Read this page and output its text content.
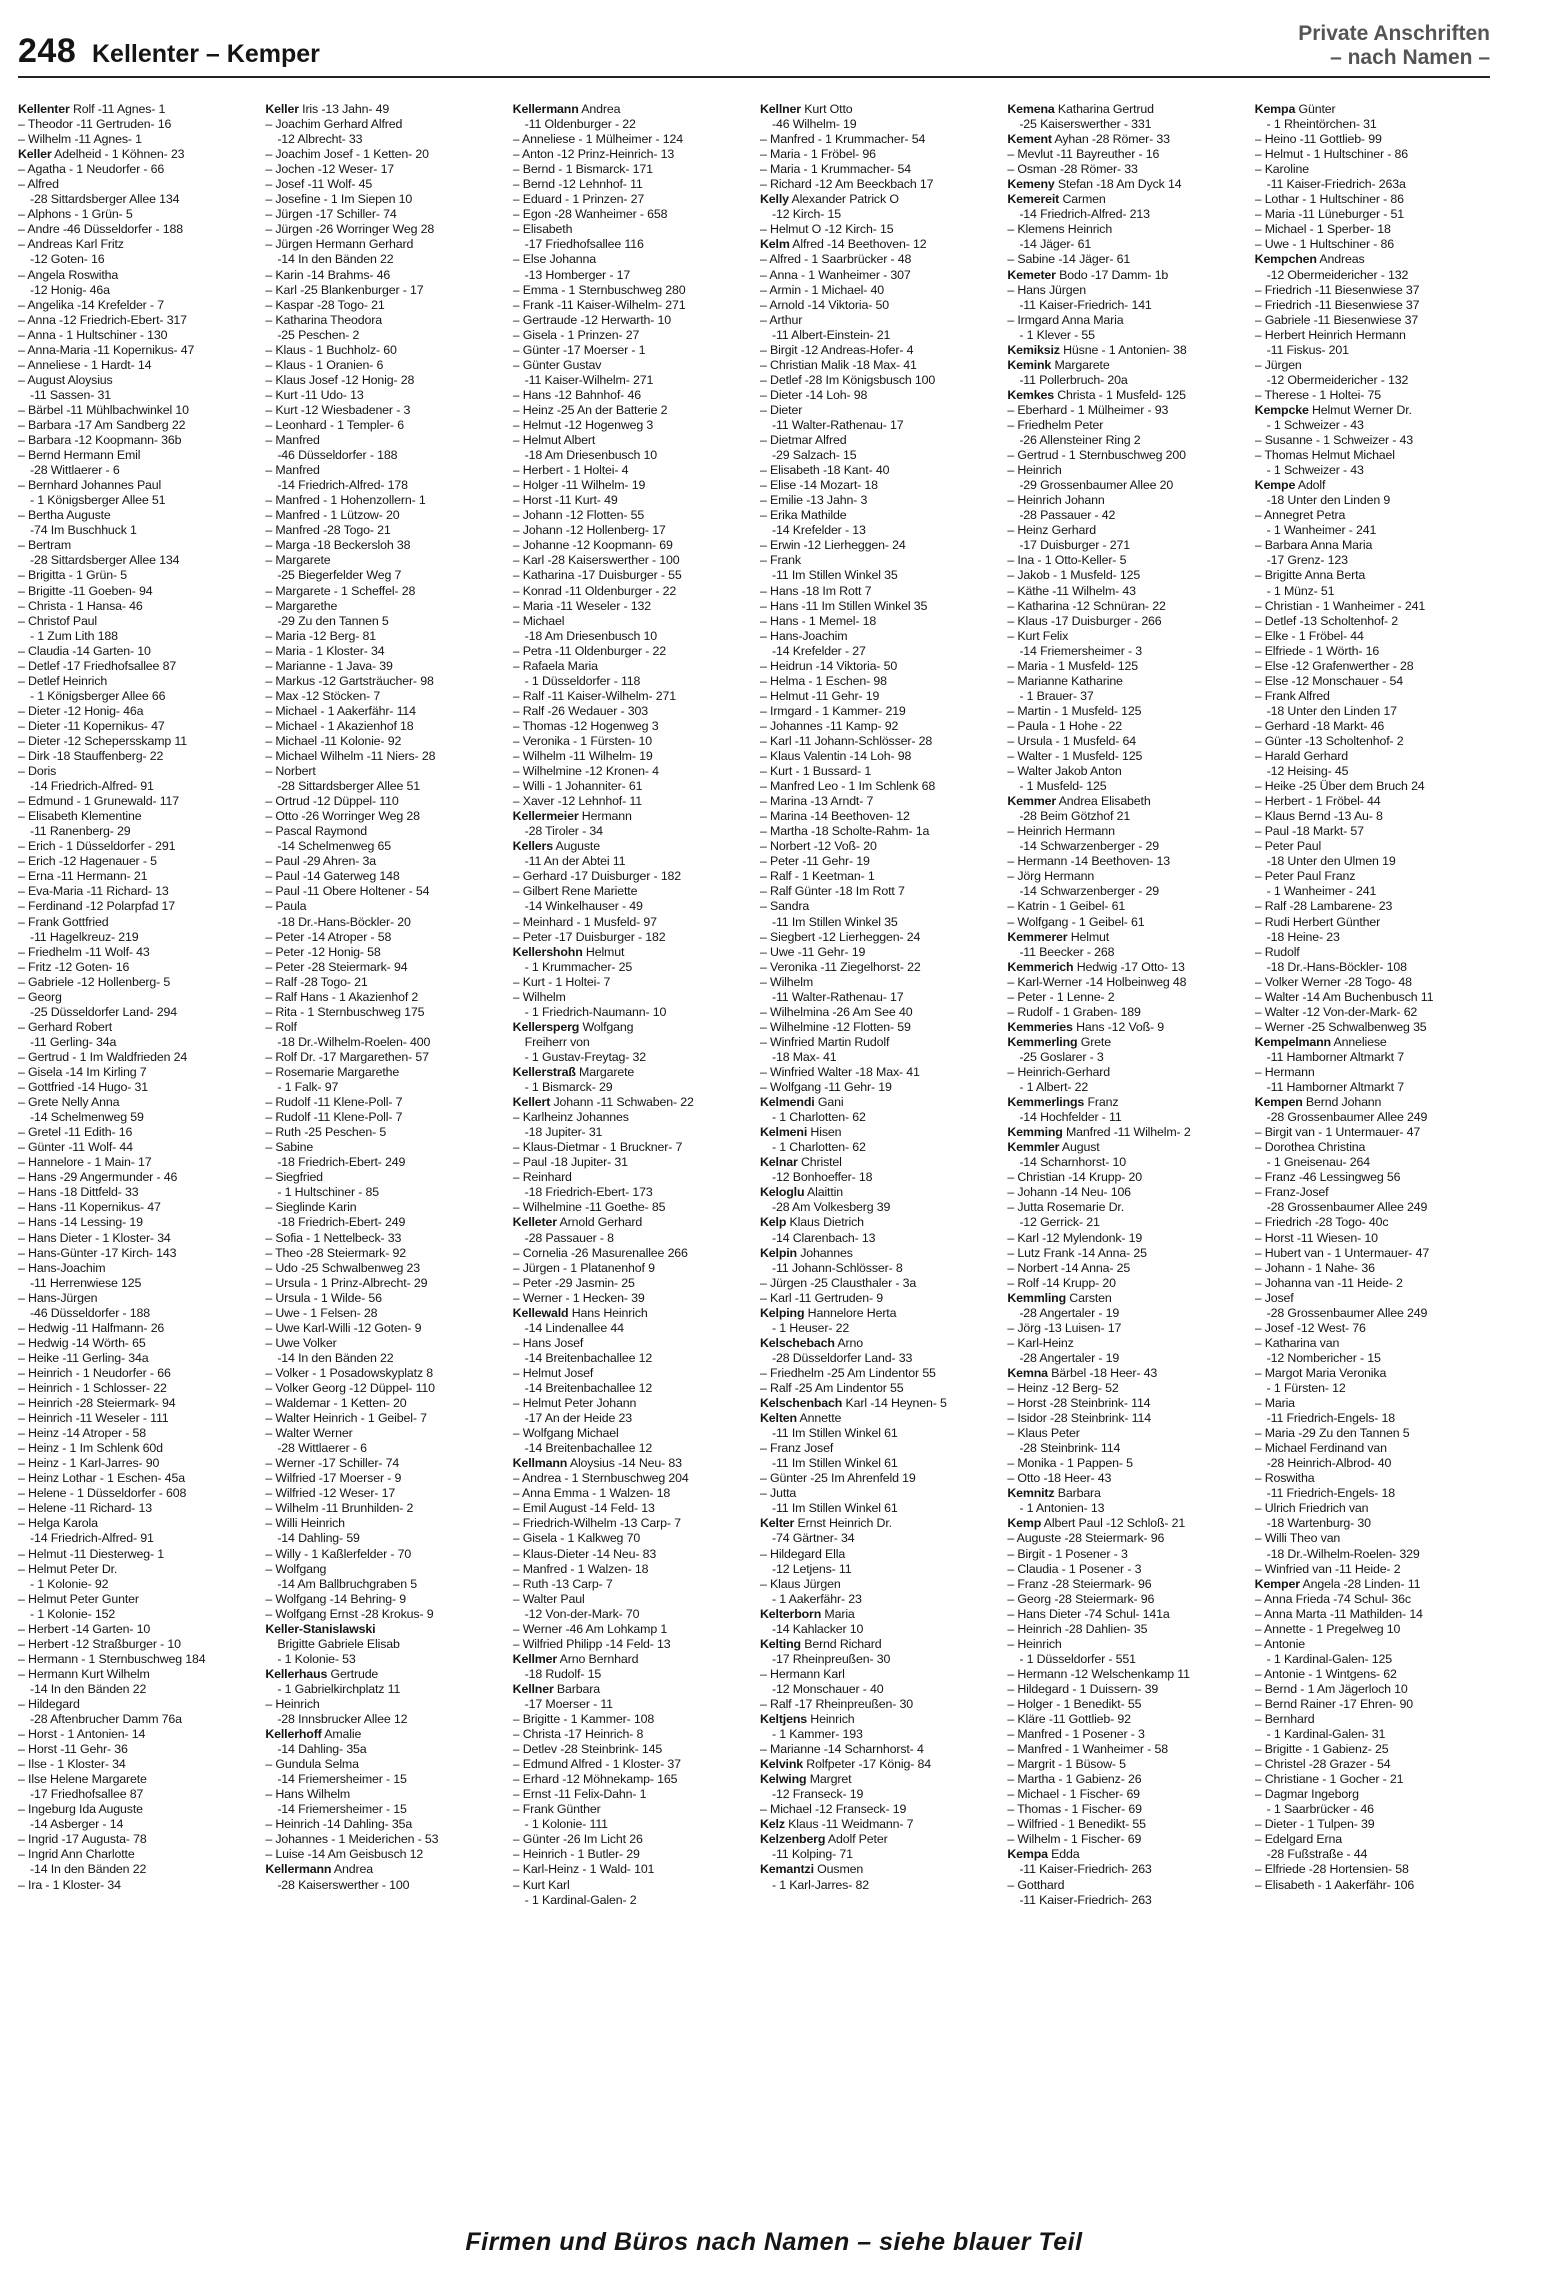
248 Kellenter – Kemper
Private Anschriften
– nach Namen –
Kellenter Rolf -11 Agnes- 1
– Theodor -11 Gertruden- 16
– Wilhelm -11 Agnes- 1
Keller Adelheid - 1 Köhnen- 23
– Agatha - 1 Neudorfer - 66
– Alfred
-28 Sittardsberger Allee 134
– Alphons - 1 Grün- 5
– Andre -46 Düsseldorfer - 188
– Andreas Karl Fritz
-12 Goten- 16
– Angela Roswitha
-12 Honig- 46a
– Angelika -14 Krefelder - 7
– Anna -12 Friedrich-Ebert- 317
– Anna - 1 Hultschiner - 130
– Anna-Maria -11 Kopernikus- 47
– Anneliese - 1 Hardt- 14
– August Aloysius
-11 Sassen- 31
– Bärbel -11 Mühlbachwinkel 10
– Barbara -17 Am Sandberg 22
– Barbara -12 Koopmann- 36b
– Bernd Hermann Emil
-28 Wittlaerer - 6
– Bernhard Johannes Paul
- 1 Königsberger Allee 51
– Bertha Auguste
-74 Im Buschhuck 1
– Bertram
-28 Sittardsberger Allee 134
– Brigitta - 1 Grün- 5
– Brigitte -11 Goeben- 94
– Christa - 1 Hansa- 46
– Christof Paul
- 1 Zum Lith 188
– Claudia -14 Garten- 10
– Detlef -17 Friedhofsallee 87
– Detlef Heinrich
- 1 Königsberger Allee 66
– Dieter -12 Honig- 46a
– Dieter -11 Kopernikus- 47
– Dieter -12 Schepersskamp 11
– Dirk -18 Stauffenberg- 22
– Doris
-14 Friedrich-Alfred- 91
– Edmund - 1 Grunewald- 117
– Elisabeth Klementine
-11 Ranenberg- 29
– Erich - 1 Düsseldorfer - 291
– Erich -12 Hagenauer - 5
– Erna -11 Hermann- 21
– Eva-Maria -11 Richard- 13
– Ferdinand -12 Polarpfad 17
– Frank Gottfried
-11 Hagelkreuz- 219
– Friedhelm -11 Wolf- 43
– Fritz -12 Goten- 16
– Gabriele -12 Hollenberg- 5
– Georg
-25 Düsseldorfer Land- 294
– Gerhard Robert
-11 Gerling- 34a
– Gertrud - 1 Im Waldfrieden 24
– Gisela -14 Im Kirling 7
– Gottfried -14 Hugo- 31
– Grete Nelly Anna
-14 Schelmenweg 59
– Gretel -11 Edith- 16
– Günter -11 Wolf- 44
– Hannelore - 1 Main- 17
– Hans -29 Angermunder - 46
– Hans -18 Dittfeld- 33
– Hans -11 Kopernikus- 47
– Hans -14 Lessing- 19
– Hans Dieter - 1 Kloster- 34
– Hans-Günter -17 Kirch- 143
– Hans-Joachim
-11 Herrenwiese 125
– Hans-Jürgen
-46 Düsseldorfer - 188
– Hedwig -11 Halfmann- 26
– Hedwig -14 Wörth- 65
– Heike -11 Gerling- 34a
– Heinrich - 1 Neudorfer - 66
– Heinrich - 1 Schlosser- 22
– Heinrich -28 Steiermark- 94
– Heinrich -11 Weseler - 111
– Heinz -14 Atroper - 58
– Heinz - 1 Im Schlenk 60d
– Heinz - 1 Karl-Jarres- 90
– Heinz Lothar - 1 Eschen- 45a
– Helene - 1 Düsseldorfer - 608
– Helene -11 Richard- 13
– Helga Karola
-14 Friedrich-Alfred- 91
– Helmut -11 Diesterweg- 1
– Helmut Peter Dr.
- 1 Kolonie- 92
– Helmut Peter Gunter
- 1 Kolonie- 152
– Herbert -14 Garten- 10
– Herbert -12 Straßburger - 10
– Hermann - 1 Sternbuschweg 184
– Hermann Kurt Wilhelm
-14 In den Bänden 22
– Hildegard
-28 Aftenbrucher Damm 76a
– Horst - 1 Antonien- 14
– Horst -11 Gehr- 36
– Ilse - 1 Kloster- 34
– Ilse Helene Margarete
-17 Friedhofsallee 87
– Ingeburg Ida Auguste
-14 Asberger - 14
– Ingrid -17 Augusta- 78
– Ingrid Ann Charlotte
-14 In den Bänden 22
– Ira - 1 Kloster- 34
Keller Iris -13 Jahn- 49
– Joachim Gerhard Alfred
-12 Albrecht- 33
– Joachim Josef - 1 Ketten- 20
– Jochen -12 Weser- 17
– Josef -11 Wolf- 45
– Josefine - 1 Im Siepen 10
– Jürgen -17 Schiller- 74
– Jürgen -26 Worringer Weg 28
– Jürgen Hermann Gerhard
-14 In den Bänden 22
– Karin -14 Brahms- 46
– Karl -25 Blankenburger - 17
– Kaspar -28 Togo- 21
– Katharina Theodora
-25 Peschen- 2
– Klaus - 1 Buchholz- 60
– Klaus - 1 Oranien- 6
– Klaus Josef -12 Honig- 28
– Kurt -11 Udo- 13
– Kurt -12 Wiesbadener - 3
– Leonhard - 1 Templer- 6
– Manfred
-46 Düsseldorfer - 188
– Manfred
-14 Friedrich-Alfred- 178
– Manfred - 1 Hohenzollern- 1
– Manfred - 1 Lützow- 20
– Manfred -28 Togo- 21
– Marga -18 Beckersloh 38
– Margarete
-25 Biegerfelder Weg 7
– Margarete - 1 Scheffel- 28
– Margarethe
-29 Zu den Tannen 5
– Maria -12 Berg- 81
– Maria - 1 Kloster- 34
– Marianne - 1 Java- 39
– Markus -12 Gartsträucher- 98
– Max -12 Stöcken- 7
– Michael - 1 Aakerfähr- 114
– Michael - 1 Akazienhof 18
– Michael -11 Kolonie- 92
– Michael Wilhelm -11 Niers- 28
– Norbert
-28 Sittardsberger Allee 51
– Ortrud -12 Düppel- 110
– Otto -26 Worringer Weg 28
– Pascal Raymond
-14 Schelmenweg 65
– Paul -29 Ahren- 3a
– Paul -14 Gaterweg 148
– Paul -11 Obere Holtener - 54
– Paula
-18 Dr.-Hans-Böckler- 20
– Peter -14 Atroper - 58
– Peter -12 Honig- 58
– Peter -28 Steiermark- 94
– Ralf -28 Togo- 21
– Ralf Hans - 1 Akazienhof 2
– Rita - 1 Sternbuschweg 175
– Rolf
-18 Dr.-Wilhelm-Roelen- 400
– Rolf Dr. -17 Margarethen- 57
– Rosemarie Margarethe
- 1 Falk- 97
– Rudolf -11 Klene-Poll- 7
– Rudolf -11 Klene-Poll- 7
– Ruth -25 Peschen- 5
– Sabine
-18 Friedrich-Ebert- 249
– Siegfried
- 1 Hultschiner - 85
– Sieglinde Karin
-18 Friedrich-Ebert- 249
– Sofia - 1 Nettelbeck- 33
– Theo -28 Steiermark- 92
– Udo -25 Schwalbenweg 23
– Ursula - 1 Prinz-Albrecht- 29
– Ursula - 1 Wilde- 56
– Uwe - 1 Felsen- 28
– Uwe Karl-Willi -12 Goten- 9
– Uwe Volker
-14 In den Bänden 22
– Volker - 1 Posadowskyplatz 8
– Volker Georg -12 Düppel- 110
– Waldemar - 1 Ketten- 20
– Walter Heinrich - 1 Geibel- 7
– Walter Werner
-28 Wittlaerer - 6
– Werner -17 Schiller- 74
– Wilfried -17 Moerser - 9
– Wilfried -12 Weser- 17
– Wilhelm -11 Brunhilden- 2
– Willi Heinrich
-14 Dahling- 59
– Willy - 1 Kaßlerfelder - 70
– Wolfgang
-14 Am Ballbruchgraben 5
– Wolfgang -14 Behring- 9
– Wolfgang Ernst -28 Krokus- 9
Keller-Stanislawski
Brigitte Gabriele Elisab
- 1 Kolonie- 53
Kellerhaus Gertrude
- 1 Gabrielkirchplatz 11
– Heinrich
-28 Innsbrucker Allee 12
Kellerhoff Amalie
-14 Dahling- 35a
– Gundula Selma
-14 Friemersheimer - 15
– Hans Wilhelm
-14 Friemersheimer - 15
– Heinrich -14 Dahling- 35a
– Johannes - 1 Meiderichen - 53
– Luise -14 Am Geisbusch 12
Kellermann Andrea
-28 Kaiserswerther - 100
Kellermann Andrea
-11 Oldenburger - 22
– Anneliese - 1 Mülheimer - 124
– Anton -12 Prinz-Heinrich- 13
– Bernd - 1 Bismarck- 171
– Bernd -12 Lehnhof- 11
– Eduard - 1 Prinzen- 27
– Egon -28 Wanheimer - 658
– Elisabeth
-17 Friedhofsallee 116
– Else Johanna
-13 Homberger - 17
– Emma - 1 Sternbuschweg 280
– Frank -11 Kaiser-Wilhelm- 271
– Gertraude -12 Herwarth- 10
– Gisela - 1 Prinzen- 27
– Günter -17 Moerser - 1
– Günter Gustav
-11 Kaiser-Wilhelm- 271
– Hans -12 Bahnhof- 46
– Heinz -25 An der Batterie 2
– Helmut -12 Hogenweg 3
– Helmut Albert
-18 Am Driesenbusch 10
– Herbert - 1 Holtei- 4
– Holger -11 Wilhelm- 19
– Horst -11 Kurt- 49
– Johann -12 Flotten- 55
– Johann -12 Hollenberg- 17
– Johanne -12 Koopmann- 69
– Karl -28 Kaiserswerther - 100
– Katharina -17 Duisburger - 55
– Konrad -11 Oldenburger - 22
– Maria -11 Weseler - 132
– Michael
-18 Am Driesenbusch 10
– Petra -11 Oldenburger - 22
– Rafaela Maria
- 1 Düsseldorfer - 118
– Ralf -11 Kaiser-Wilhelm- 271
– Ralf -26 Wedauer - 303
– Thomas -12 Hogenweg 3
– Veronika - 1 Fürsten- 10
– Wilhelm -11 Wilhelm- 19
– Wilhelmine -12 Kronen- 4
– Willi - 1 Johanniter- 61
– Xaver -12 Lehnhof- 11
Kellermeier Hermann
-28 Tiroler - 34
Kellers Auguste
-11 An der Abtei 11
– Gerhard -17 Duisburger - 182
– Gilbert Rene Mariette
-14 Winkelhauser - 49
– Meinhard - 1 Musfeld- 97
– Peter -17 Duisburger - 182
Kellershohn Helmut
- 1 Krummacher- 25
– Kurt - 1 Holtei- 7
– Wilhelm
- 1 Friedrich-Naumann- 10
Kellersperg Wolfgang
Freiherr von
- 1 Gustav-Freytag- 32
Kellerstraß Margarete
- 1 Bismarck- 29
Kellert Johann -11 Schwaben- 22
– Karlheinz Johannes
-18 Jupiter- 31
– Klaus-Dietmar - 1 Bruckner- 7
– Paul -18 Jupiter- 31
– Reinhard
-18 Friedrich-Ebert- 173
– Wilhelmine -11 Goethe- 85
Kelleter Arnold Gerhard
-28 Passauer - 8
– Cornelia -26 Masurenallee 266
– Jürgen - 1 Platanenhof 9
– Peter -29 Jasmin- 25
– Werner - 1 Hecken- 39
Kellewald Hans Heinrich
-14 Lindenallee 44
– Hans Josef
-14 Breitenbachallee 12
– Helmut Josef
-14 Breitenbachallee 12
– Helmut Peter Johann
-17 An der Heide 23
– Wolfgang Michael
-14 Breitenbachallee 12
Kellmann Aloysius -14 Neu- 83
– Andrea - 1 Sternbuschweg 204
– Anna Emma - 1 Walzen- 18
– Emil August -14 Feld- 13
– Friedrich-Wilhelm -13 Carp- 7
– Gisela - 1 Kalkweg 70
– Klaus-Dieter -14 Neu- 83
– Manfred - 1 Walzen- 18
– Ruth -13 Carp- 7
– Walter Paul
-12 Von-der-Mark- 70
– Werner -46 Am Lohkamp 1
– Wilfried Philipp -14 Feld- 13
Kellmer Arno Bernhard
-18 Rudolf- 15
Kellner Barbara
-17 Moerser - 11
– Brigitte - 1 Kammer- 108
– Christa -17 Heinrich- 8
– Detlev -28 Steinbrink- 145
– Edmund Alfred - 1 Kloster- 37
– Erhard -12 Möhnekamp- 165
– Ernst -11 Felix-Dahn- 1
– Frank Günther
- 1 Kolonie- 111
– Günter -26 Im Licht 26
– Heinrich - 1 Butler- 29
– Karl-Heinz - 1 Wald- 101
– Kurt Karl
- 1 Kardinal-Galen- 2
Kellner Kurt Otto
-46 Wilhelm- 19
– Manfred - 1 Krummacher- 54
– Maria - 1 Fröbel- 96
– Maria - 1 Krummacher- 54
– Richard -12 Am Beeckbach 17
Kelly Alexander Patrick O
-12 Kirch- 15
– Helmut O -12 Kirch- 15
Kelm Alfred -14 Beethoven- 12
– Alfred - 1 Saarbrücker - 48
– Anna - 1 Wanheimer - 307
– Armin - 1 Michael- 40
– Arnold -14 Viktoria- 50
– Arthur
-11 Albert-Einstein- 21
– Birgit -12 Andreas-Hofer- 4
– Christian Malik -18 Max- 41
– Detlef -28 Im Königsbusch 100
– Dieter -14 Loh- 98
– Dieter
-11 Walter-Rathenau- 17
– Dietmar Alfred
-29 Salzach- 15
– Elisabeth -18 Kant- 40
– Elise -14 Mozart- 18
– Emilie -13 Jahn- 3
– Erika Mathilde
-14 Krefelder - 13
– Erwin -12 Lierheggen- 24
– Frank
-11 Im Stillen Winkel 35
– Hans -18 Im Rott 7
– Hans -11 Im Stillen Winkel 35
– Hans - 1 Memel- 18
– Hans-Joachim
-14 Krefelder - 27
– Heidrun -14 Viktoria- 50
– Helma - 1 Eschen- 98
– Helmut -11 Gehr- 19
– Irmgard - 1 Kammer- 219
– Johannes -11 Kamp- 92
– Karl -11 Johann-Schlösser- 28
– Klaus Valentin -14 Loh- 98
– Kurt - 1 Bussard- 1
– Manfred Leo - 1 Im Schlenk 68
– Marina -13 Arndt- 7
– Marina -14 Beethoven- 12
– Martha -18 Scholte-Rahm- 1a
– Norbert -12 Voß- 20
– Peter -11 Gehr- 19
– Ralf - 1 Keetman- 1
– Ralf Günter -18 Im Rott 7
– Sandra
-11 Im Stillen Winkel 35
– Siegbert -12 Lierheggen- 24
– Uwe -11 Gehr- 19
– Veronika -11 Ziegelhorst- 22
– Wilhelm
-11 Walter-Rathenau- 17
– Wilhelmina -26 Am See 40
– Wilhelmine -12 Flotten- 59
– Winfried Martin Rudolf
-18 Max- 41
– Winfried Walter -18 Max- 41
– Wolfgang -11 Gehr- 19
Kelmendi Gani
- 1 Charlotten- 62
Kelmeni Hisen
- 1 Charlotten- 62
Kelnar Christel
-12 Bonhoeffer- 18
Keloglu Alaittin
-28 Am Volkesberg 39
Kelp Klaus Dietrich
-14 Clarenbach- 13
Kelpin Johannes
-11 Johann-Schlösser- 8
– Jürgen -25 Clausthaler - 3a
– Karl -11 Gertruden- 9
Kelping Hannelore Herta
- 1 Heuser- 22
Kelschebach Arno
-28 Düsseldorfer Land- 33
– Friedhelm -25 Am Lindentor 55
– Ralf -25 Am Lindentor 55
Kelschenbach Karl -14 Heynen- 5
Kelten Annette
-11 Im Stillen Winkel 61
– Franz Josef
-11 Im Stillen Winkel 61
– Günter -25 Im Ahrenfeld 19
– Jutta
-11 Im Stillen Winkel 61
Kelter Ernst Heinrich Dr.
-74 Gärtner- 34
– Hildegard Ella
-12 Letjens- 11
– Klaus Jürgen
- 1 Aakerfähr- 23
Kelterborn Maria
-14 Kahlacker 10
Kelting Bernd Richard
-17 Rheinpreußen- 30
– Hermann Karl
-12 Monschauer - 40
– Ralf -17 Rheinpreußen- 30
Keltjens Heinrich
- 1 Kammer- 193
– Marianne -14 Scharnhorst- 4
Kelvink Rolfpeter -17 König- 84
Kelwing Margret
-12 Franseck- 19
– Michael -12 Franseck- 19
Kelz Klaus -11 Weidmann- 7
Kelzenberg Adolf Peter
-11 Kolping- 71
Kemantzi Ousmen
- 1 Karl-Jarres- 82
Kemena Katharina Gertrud
-25 Kaiserswerther - 331
Kement Ayhan -28 Römer- 33
– Mevlut -11 Bayreuther - 16
– Osman -28 Römer- 33
Kemeny Stefan -18 Am Dyck 14
Kemereit Carmen
-14 Friedrich-Alfred- 213
– Klemens Heinrich
-14 Jäger- 61
– Sabine -14 Jäger- 61
Kemeter Bodo -17 Damm- 1b
– Hans Jürgen
-11 Kaiser-Friedrich- 141
– Irmgard Anna Maria
- 1 Klever - 55
Kemiksiz Hüsne - 1 Antonien- 38
Kemink Margarete
-11 Pollerbruch- 20a
Kemkes Christa - 1 Musfeld- 125
– Eberhard - 1 Mülheimer - 93
– Friedhelm Peter
-26 Allensteiner Ring 2
– Gertrud - 1 Sternbuschweg 200
– Heinrich
-29 Grossenbaumer Allee 20
– Heinrich Johann
-28 Passauer - 42
– Heinz Gerhard
-17 Duisburger - 271
– Ina - 1 Otto-Keller- 5
– Jakob - 1 Musfeld- 125
– Käthe -11 Wilhelm- 43
– Katharina -12 Schnüran- 22
– Klaus -17 Duisburger - 266
– Kurt Felix
-14 Friemersheimer - 3
– Maria - 1 Musfeld- 125
– Marianne Katharine
- 1 Brauer- 37
– Martin - 1 Musfeld- 125
– Paula - 1 Hohe - 22
– Ursula - 1 Musfeld- 64
– Walter - 1 Musfeld- 125
– Walter Jakob Anton
- 1 Musfeld- 125
Kemmer Andrea Elisabeth
-28 Beim Götzhof 21
– Heinrich Hermann
-14 Schwarzenberger - 29
– Hermann -14 Beethoven- 13
– Jörg Hermann
-14 Schwarzenberger - 29
– Katrin - 1 Geibel- 61
– Wolfgang - 1 Geibel- 61
Kemmerer Helmut
-11 Beecker - 268
Kemmerich Hedwig -17 Otto- 13
– Karl-Werner -14 Holbeinweg 48
– Peter - 1 Lenne- 2
– Rudolf - 1 Graben- 189
Kemmeries Hans -12 Voß- 9
Kemmerling Grete
-25 Goslarer - 3
– Heinrich-Gerhard
- 1 Albert- 22
Kemmerlings Franz
-14 Hochfelder - 11
Kemming Manfred -11 Wilhelm- 2
Kemmler August
-14 Scharnhorst- 10
– Christian -14 Krupp- 20
– Johann -14 Neu- 106
– Jutta Rosemarie Dr.
-12 Gerrick- 21
– Karl -12 Mylendonk- 19
– Lutz Frank -14 Anna- 25
– Norbert -14 Anna- 25
– Rolf -14 Krupp- 20
Kemmling Carsten
-28 Angertaler - 19
– Jörg -13 Luisen- 17
– Karl-Heinz
-28 Angertaler - 19
Kemna Bärbel -18 Heer- 43
– Heinz -12 Berg- 52
– Horst -28 Steinbrink- 114
– Isidor -28 Steinbrink- 114
– Klaus Peter
-28 Steinbrink- 114
– Monika - 1 Pappen- 5
– Otto -18 Heer- 43
Kemnitz Barbara
- 1 Antonien- 13
Kemp Albert Paul -12 Schloß- 21
– Auguste -28 Steiermark- 96
– Birgit - 1 Posener - 3
– Claudia - 1 Posener - 3
– Franz -28 Steiermark- 96
– Georg -28 Steiermark- 96
– Hans Dieter -74 Schul- 141a
– Heinrich -28 Dahlien- 35
– Heinrich
- 1 Düsseldorfer - 551
– Hermann -12 Welschenkamp 11
– Hildegard - 1 Duissern- 39
– Holger - 1 Benedikt- 55
– Kläre -11 Gottlieb- 92
– Manfred - 1 Posener - 3
– Manfred - 1 Wanheimer - 58
– Margrit - 1 Büsow- 5
– Martha - 1 Gabienz- 26
– Michael - 1 Fischer- 69
– Thomas - 1 Fischer- 69
– Wilfried - 1 Benedikt- 55
– Wilhelm - 1 Fischer- 69
Kempa Edda
-11 Kaiser-Friedrich- 263
– Gotthard
-11 Kaiser-Friedrich- 263
Kempa Günter
- 1 Rheintörchen- 31
– Heino -11 Gottlieb- 99
– Helmut - 1 Hultschiner - 86
– Karoline
-11 Kaiser-Friedrich- 263a
– Lothar - 1 Hultschiner - 86
– Maria -11 Lüneburger - 51
– Michael - 1 Sperber- 18
– Uwe - 1 Hultschiner - 86
Kempchen Andreas
-12 Obermeidericher - 132
– Friedrich -11 Biesenwiese 37
– Friedrich -11 Biesenwiese 37
– Gabriele -11 Biesenwiese 37
– Herbert Heinrich Hermann
-11 Fiskus- 201
– Jürgen
-12 Obermeidericher - 132
– Therese - 1 Holtei- 75
Kempcke Helmut Werner Dr.
- 1 Schweizer - 43
– Susanne - 1 Schweizer - 43
– Thomas Helmut Michael
- 1 Schweizer - 43
Kempe Adolf
-18 Unter den Linden 9
– Annegret Petra
- 1 Wanheimer - 241
– Barbara Anna Maria
-17 Grenz- 123
– Brigitte Anna Berta
- 1 Münz- 51
– Christian - 1 Wanheimer - 241
– Detlef -13 Scholtenhof- 2
– Elke - 1 Fröbel- 44
– Elfriede - 1 Wörth- 16
– Else -12 Grafenwerther - 28
– Else -12 Monschauer - 54
– Frank Alfred
-18 Unter den Linden 17
– Gerhard -18 Markt- 46
– Günter -13 Scholtenhof- 2
– Harald Gerhard
-12 Heising- 45
– Heike -25 Über dem Bruch 24
– Herbert - 1 Fröbel- 44
– Klaus Bernd -13 Au- 8
– Paul -18 Markt- 57
– Peter Paul
-18 Unter den Ulmen 19
– Peter Paul Franz
- 1 Wanheimer - 241
– Ralf -28 Lambarene- 23
– Rudi Herbert Günther
-18 Heine- 23
– Rudolf
-18 Dr.-Hans-Böckler- 108
– Volker Werner -28 Togo- 48
– Walter -14 Am Buchenbusch 11
– Walter -12 Von-der-Mark- 62
– Werner -25 Schwalbenweg 35
Kempelmann Anneliese
-11 Hamborner Altmarkt 7
– Hermann
-11 Hamborner Altmarkt 7
Kempen Bernd Johann
-28 Grossenbaumer Allee 249
– Birgit van - 1 Untermauer- 47
– Dorothea Christina
- 1 Gneisenau- 264
– Franz -46 Lessingweg 56
– Franz-Josef
-28 Grossenbaumer Allee 249
– Friedrich -28 Togo- 40c
– Horst -11 Wiesen- 10
– Hubert van - 1 Untermauer- 47
– Johann - 1 Nahe- 36
– Johanna van -11 Heide- 2
– Josef
-28 Grossenbaumer Allee 249
– Josef -12 West- 76
– Katharina van
-12 Nombericher - 15
– Margot Maria Veronika
- 1 Fürsten- 12
– Maria
-11 Friedrich-Engels- 18
– Maria -29 Zu den Tannen 5
– Michael Ferdinand van
-28 Heinrich-Albrod- 40
– Roswitha
-11 Friedrich-Engels- 18
– Ulrich Friedrich van
-18 Wartenburg- 30
– Willi Theo van
-18 Dr.-Wilhelm-Roelen- 329
– Winfried van -11 Heide- 2
Kemper Angela -28 Linden- 11
– Anna Frieda -74 Schul- 36c
– Anna Marta -11 Mathilden- 14
– Annette - 1 Pregelweg 10
– Antonie
- 1 Kardinal-Galen- 125
– Antonie - 1 Wintgens- 62
– Bernd - 1 Am Jägerloch 10
– Bernd Rainer -17 Ehren- 90
– Bernhard
- 1 Kardinal-Galen- 31
– Brigitte - 1 Gabienz- 25
– Christel -28 Grazer - 54
– Christiane - 1 Gocher - 21
– Dagmar Ingeborg
- 1 Saarbrücker - 46
– Dieter - 1 Tulpen- 39
– Edelgard Erna
-28 Fußstraße - 44
– Elfriede -28 Hortensien- 58
– Elisabeth - 1 Aakerfähr- 106
Firmen und Büros nach Namen – siehe blauer Teil
